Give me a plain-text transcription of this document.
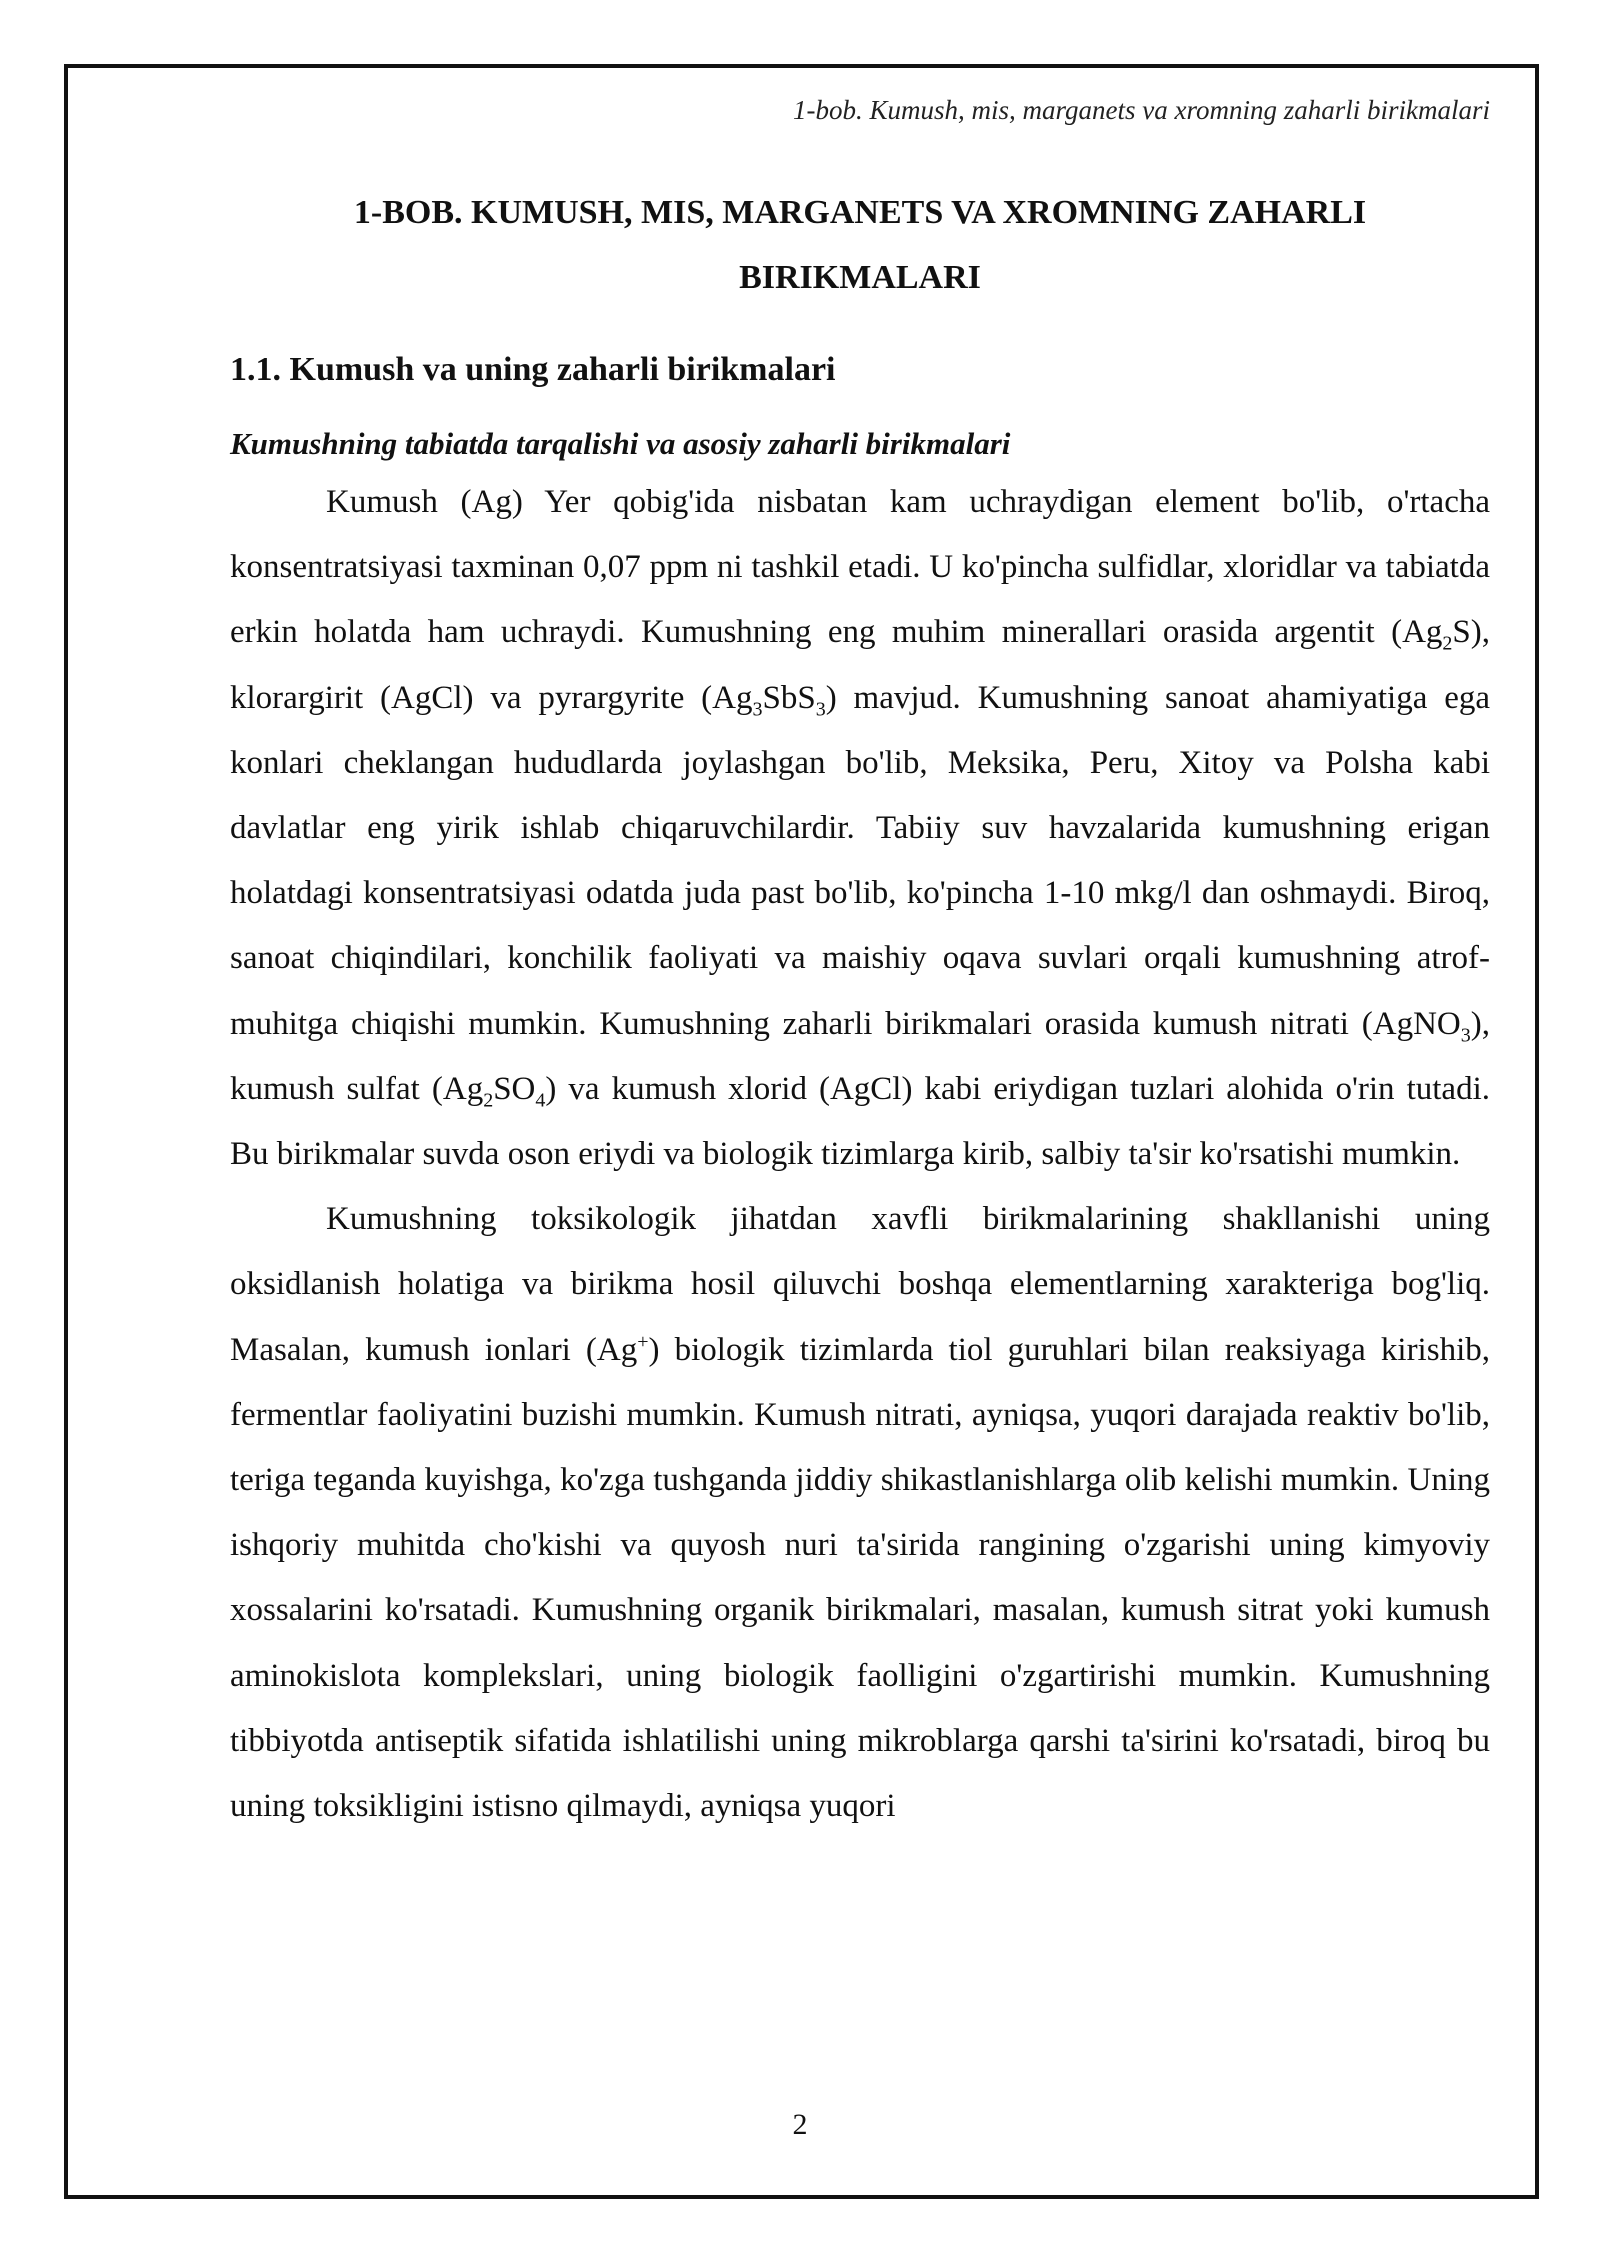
1-bob. Kumush, mis, marganets va xromning zaharli birikmalari
1-BOB. KUMUSH, MIS, MARGANETS VA XROMNING ZAHARLI
BIRIKMALARI
1.1. Kumush va uning zaharli birikmalari
Kumushning tabiatda tarqalishi va asosiy zaharli birikmalari

Kumush (Ag) Yer qobig'ida nisbatan kam uchraydigan element bo'lib, o'rtacha konsentratsiyasi taxminan 0,07 ppm ni tashkil etadi. U ko'pincha sulfidlar, xloridlar va tabiatda erkin holatda ham uchraydi. Kumushning eng muhim minerallari orasida argentit $(Ag_2S)$, klorargirit (AgCl) va pyrargyrite $(Ag_3SbS_3)$ mavjud. Kumushning sanoat ahamiyatiga ega konlari cheklangan hududlarda joylashgan bo'lib, Meksika, Peru, Xitoy va Polsha kabi davlatlar eng yirik ishlab chiqaruvchilardir. Tabiiy suv havzalarida kumushning erigan holatdagi konsentratsiyasi odatda juda past bo'lib, ko'pincha 1-10 mkg/l dan oshmaydi. Biroq, sanoat chiqindilari, konchilik faoliyati va maishiy oqava suvlari orqali kumushning atrof-muhitga chiqishi mumkin. Kumushning zaharli birikmalari orasida kumush nitrati (AgNO$_3$), kumush sulfat $(Ag_2SO_4)$ va kumush xlorid (AgCl) kabi eriydigan tuzlari alohida o'rin tutadi. Bu birikmalar suvda oson eriydi va biologik tizimlarga kirib, salbiy ta'sir ko'rsatishi mumkin.

Kumushning toksikologik jihatdan xavfli birikmalarining shakllanishi uning oksidlanish holatiga va birikma hosil qiluvchi boshqa elementlarning xarakteriga bog'liq. Masalan, kumush ionlari (Ag+) biologik tizimlarda tiol guruhlari bilan reaksiyaga kirishib, fermentlar faoliyatini buzishi mumkin. Kumush nitrati, ayniqsa, yuqori darajada reaktiv bo'lib, teriga teganda kuyishga, ko'zga tushganda jiddiy shikastlanishlarga olib kelishi mumkin. Uning ishqoriy muhitda cho'kishi va quyosh nuri ta'sirida rangining o'zgarishi uning kimyoviy xossalarini ko'rsatadi. Kumushning organik birikmalari, masalan, kumush sitrat yoki kumush aminokislota komplekslari, uning biologik faolligini o'zgartirishi mumkin. Kumushning tibbiyotda antiseptik sifatida ishlatilishi uning mikroblarga qarshi ta'sirini ko'rsatadi, biroq bu uning toksikligini istisno qilmaydi, ayniqsa yuqori

2
